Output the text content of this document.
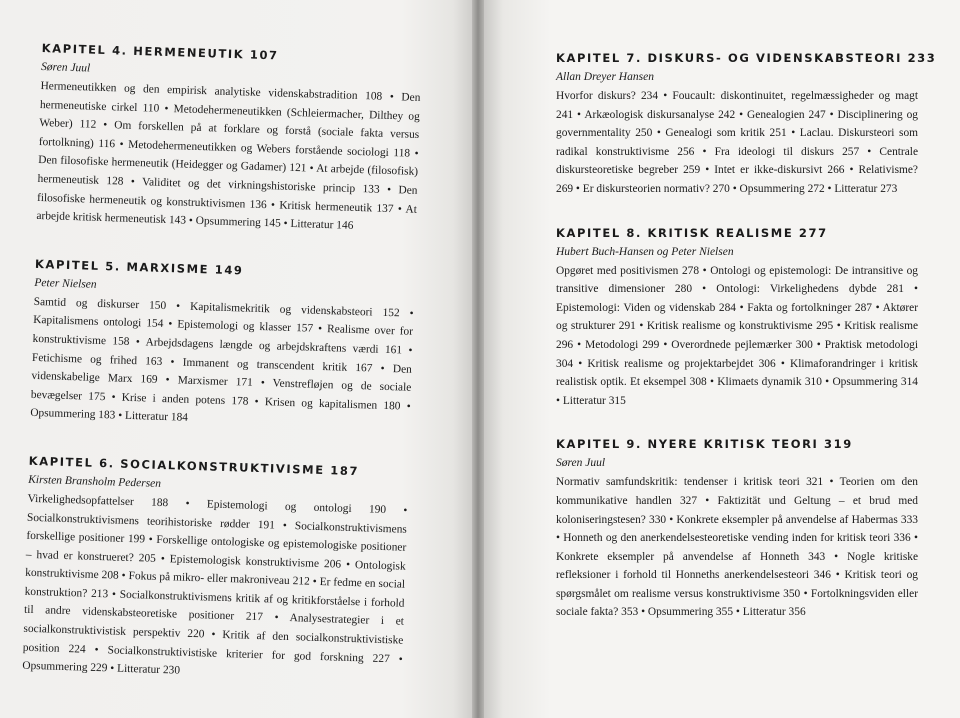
KAPITEL 4. HERMENEUTIK 107
Søren Juul
Hermeneutikken og den empirisk analytiske videnskabstradition 108 • Den hermeneutiske cirkel 110 • Metodehermeneutikken (Schleiermacher, Dilthey og Weber) 112 • Om forskellen på at forklare og forstå (sociale fakta versus fortolkning) 116 • Metodehermeneutikken og Webers forstående sociologi 118 • Den filosofiske hermeneutik (Heidegger og Gadamer) 121 • At arbejde (filosofisk) hermeneutisk 128 • Validitet og det virkningshistoriske princip 133 • Den filosofiske hermeneutik og konstruktivismen 136 • Kritisk hermeneutik 137 • At arbejde kritisk hermeneutisk 143 • Opsummering 145 • Litteratur 146
KAPITEL 5. MARXISME 149
Peter Nielsen
Samtid og diskurser 150 • Kapitalismekritik og videnskabsteori 152 • Kapitalismens ontologi 154 • Epistemologi og klasser 157 • Realisme over for konstruktivisme 158 • Arbejdsdagens længde og arbejdskraftens værdi 161 • Fetichisme og frihed 163 • Immanent og transcendent kritik 167 • Den videnskabelige Marx 169 • Marxismer 171 • Venstrefløjen og de sociale bevægelser 175 • Krise i anden potens 178 • Krisen og kapitalismen 180 • Opsummering 183 • Litteratur 184
KAPITEL 6. SOCIALKONSTRUKTIVISME 187
Kirsten Bransholm Pedersen
Virkelighedsopfattelser 188 • Epistemologi og ontologi 190 • Socialkonstruktivismens teorihistoriske rødder 191 • Socialkonstruktivismens forskellige positioner 199 • Forskellige ontologiske og epistemologiske positioner – hvad er konstrueret? 205 • Epistemologisk konstruktivisme 206 • Ontologisk konstruktivisme 208 • Fokus på mikro- eller makroniveau 212 • Er fedme en social konstruktion? 213 • Socialkonstruktivismens kritik af og kritikforståelse i forhold til andre videnskabsteoretiske positioner 217 • Analysestrategier i et socialkonstruktivistisk perspektiv 220 • Kritik af den socialkonstruktivistiske position 224 • Socialkonstruktivistiske kriterier for god forskning 227 • Opsummering 229 • Litteratur 230
KAPITEL 7. DISKURS- OG VIDENSKABSTEORI 233
Allan Dreyer Hansen
Hvorfor diskurs? 234 • Foucault: diskontinuitet, regelmæssigheder og magt 241 • Arkæologisk diskursanalyse 242 • Genealogien 247 • Disciplinering og governmentality 250 • Genealogi som kritik 251 • Laclau. Diskursteori som radikal konstruktivisme 256 • Fra ideologi til diskurs 257 • Centrale diskursteoretiske begreber 259 • Intet er ikke-diskursivt 266 • Relativisme? 269 • Er diskursteorien normativ? 270 • Opsummering 272 • Litteratur 273
KAPITEL 8. KRITISK REALISME 277
Hubert Buch-Hansen og Peter Nielsen
Opgøret med positivismen 278 • Ontologi og epistemologi: De intransitive og transitive dimensioner 280 • Ontologi: Virkelighedens dybde 281 • Epistemologi: Viden og videnskab 284 • Fakta og fortolkninger 287 • Aktører og strukturer 291 • Kritisk realisme og konstruktivisme 295 • Kritisk realisme 296 • Metodologi 299 • Overordnede pejlemærker 300 • Praktisk metodologi 304 • Kritisk realisme og projektarbejdet 306 • Klimaforandringer i kritisk realistisk optik. Et eksempel 308 • Klimaets dynamik 310 • Opsummering 314 • Litteratur 315
KAPITEL 9. NYERE KRITISK TEORI 319
Søren Juul
Normativ samfundskritik: tendenser i kritisk teori 321 • Teorien om den kommunikative handlen 327 • Faktizität und Geltung – et brud med koloniseringstesen? 330 • Konkrete eksempler på anvendelse af Habermas 333 • Honneth og den anerkendelsesteoretiske vending inden for kritisk teori 336 • Konkrete eksempler på anvendelse af Honneth 343 • Nogle kritiske refleksioner i forhold til Honneths anerkendelsesteori 346 • Kritisk teori og spørgsmålet om realisme versus konstruktivisme 350 • Fortolkningsviden eller sociale fakta? 353 • Opsummering 355 • Litteratur 356
